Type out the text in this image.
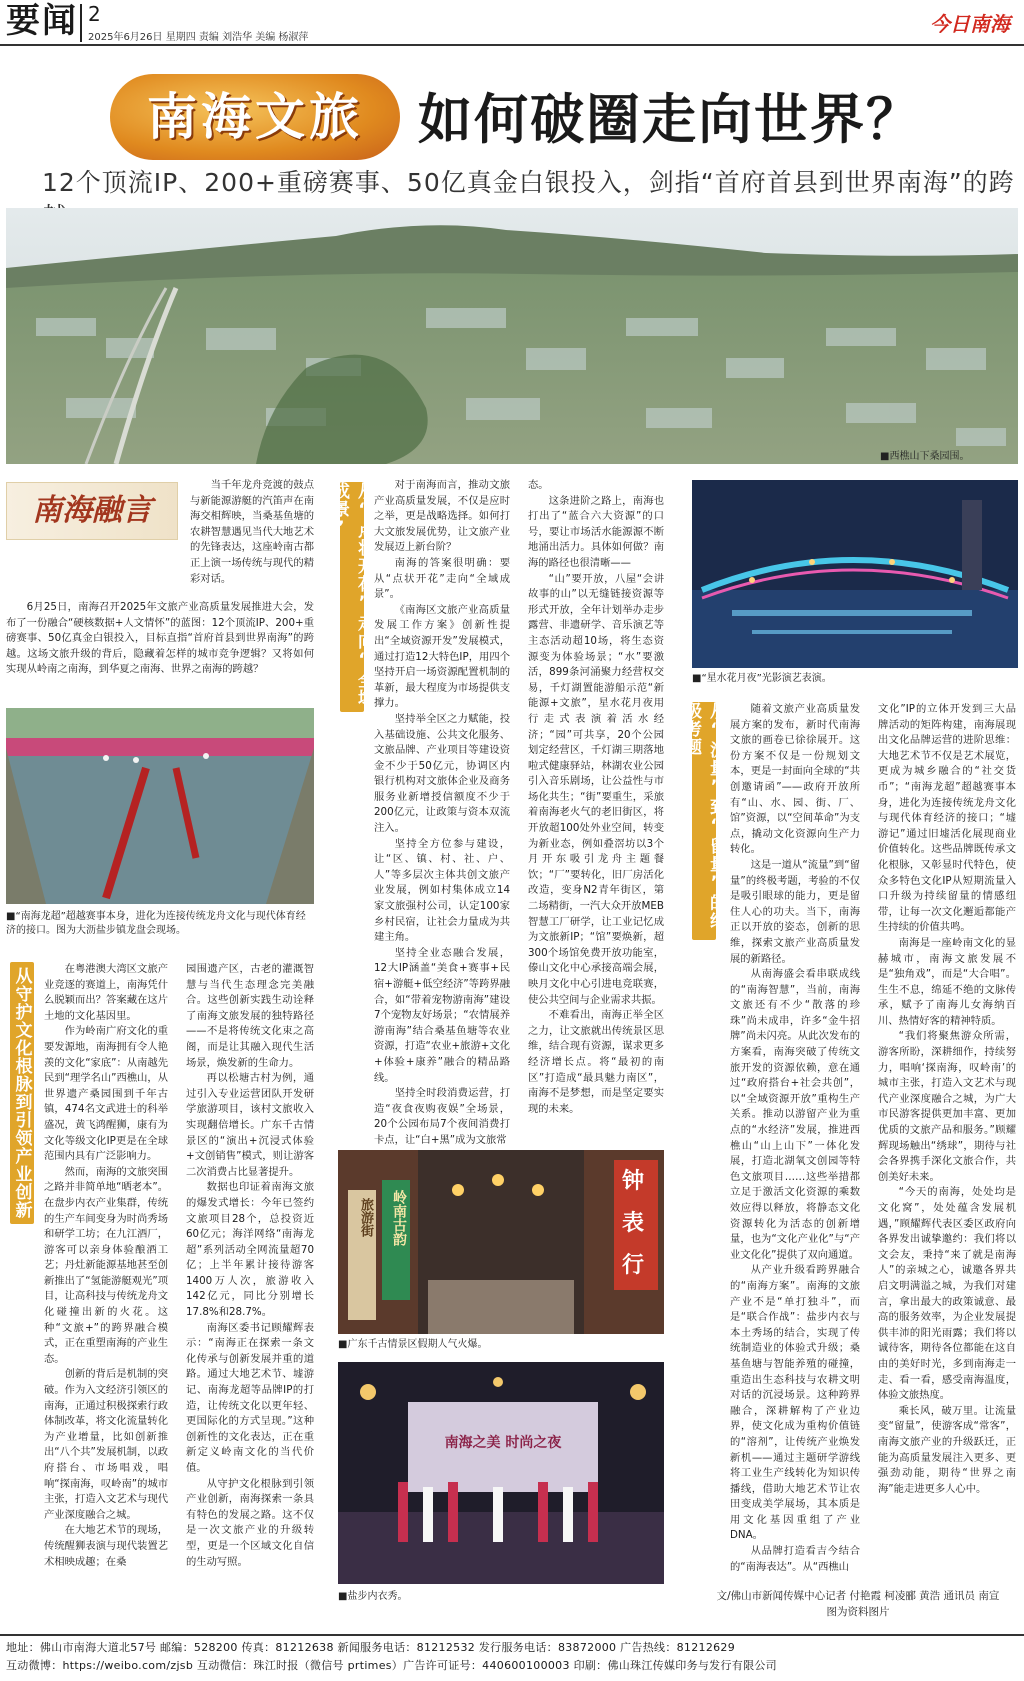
要闻 2
2025年6月26日 星期四 责编 刘浩华 美编 杨淑萍
今日南海
南海文旅	如何破圈走向世界？
12个顶流IP、200+重磅赛事、50亿真金白银投入，剑指“首府首县到世界南海”的跨
■西樵山下桑园围。
南海融言

当千年龙舟竞渡的鼓点与新能源游艇的汽笛声在南海交相辉映，当桑基鱼塘的农耕智慧遇见当代大地艺术的先锋表达，这座岭南古都正上演一场传统与现代的精彩对话。

6月25日，南海召开2025年文旅产业高质量发展推进大会，发布了一份融合“硬核数据+人文情怀”的蓝图：12个顶流IP、200+重磅赛事、50亿真金白银投入，目标直指“首府首县到世界南海”的跨越。这场文旅升级的背后，隐藏着怎样的城市竞争逻辑？又将如何实现从岭南之南海，到华夏之南海、世界之南海的跨越？

■“南海龙超”超越赛事本身，进化为连接传统龙舟文化与现代体育经济的接口。图为大沥盐步镇龙盘会现场。
从守护文化根脉到引领产业创新	在粤港澳大湾区文旅产业竞逐的赛道上，南海凭什么脱颖而出？答案藏在这片土地的文化基因里。

作为岭南广府文化的重要发源地，南海拥有令人艳羡的文化“家底”：从南越先民到“理学名山”西樵山，从世界遗产桑园围到千年古镇，474名文武进士的科举盛况，黄飞鸿醒狮，康有为文化等级文化IP更是在全球范围内具有广泛影响力。

然而，南海的文旅突围之路并非简单地“晒老本”。在盘步内衣产业集群，传统的生产车间变身为时尚秀场和研学工坊；在九江酒厂，游客可以亲身体验酿酒工艺；丹灶新能源基地甚至创新推出了“氢能游艇观光”项目，让高科技与传统龙舟文化碰撞出新的火花。这种“文旅+”的跨界融合模式，正在重塑南海的产业生态。

创新的背后是机制的突破。作为入文经济引领区的南海，正通过积极探索行政体制改革，将文化流量转化为产业增量，比如创新推出“八个共”发展机制，以政府搭台、市场唱戏，唱响“探南海，叹岭南”的城市主张，打造入文艺术与现代产业深度融合之城。

在大地艺术节的现场，传统醒狮表演与现代装置艺术相映成趣；在桑

园围遗产区，古老的灌溉智慧与当代生态理念完美融合。这些创新实践生动诠释了南海文旅发展的独特路径——不是将传统文化束之高阁，而是让其融入现代生活场景，焕发新的生命力。

再以松塘古村为例，通过引入专业运营团队开发研学旅游项目，该村文旅收入实现翻倍增长。广东千古情景区的“演出+沉浸式体验+文创销售”模式，则让游客二次消费占比显著提升。

数据也印证着南海文旅的爆发式增长：今年已签约文旅项目28个，总投资近60亿元；海洋网络“南海龙超”系列活动全网流量超70亿；上半年累计接待游客1400万人次，旅游收入142亿元，同比分别增长17.8%和28.7%。

南海区委书记顾耀辉表示：“南海正在探索一条文化传承与创新发展并重的道路。通过大地艺术节、墟游记、南海龙超等品牌IP的打造，让传统文化以更年轻、更国际化的方式呈现。”这种创新性的文化表达，正在重新定义岭南文化的当代价值。

从守护文化根脉到引领产业创新，南海探索一条具有特色的发展之路。这不仅是一次文旅产业的升级转型，更是一个区域文化自信的生动写照。

从“点状开花”走向“全域成景”	对于南海而言，推动文旅产业高质量发展，不仅是应时之举，更是战略选择。如何打大文旅发展优势，让文旅产业发展迈上新台阶？

南海的答案很明确：要从“点状开花”走向“全域成景”。

《南海区文旅产业高质量发展工作方案》创新性提出“全域资源开发”发展模式，通过打造12大特色IP，用四个坚持开启一场资源配置机制的革新，最大程度为市场提供支撑力。

坚持举全区之力赋能，投入基础设施、公共文化服务、文旅品牌、产业项目等建设资金不少于50亿元，协调区内银行机构对文旅体企业及商务服务业新增授信额度不少于200亿元，让政策与资本双流注入。

坚持全方位参与建设，让“区、镇、村、社、户、人”等多层次主体共创文旅产业发展，例如村集体成立14家文旅强村公司，认定100家乡村民宿，让社会力量成为共建主角。

坚持全业态融合发展，12大IP涵盖“美食+赛事+民宿+游艇+低空经济”等跨界融合，如“带着宠物游南海”建设7个宠物友好场景；“农情展养游南海”结合桑基鱼塘等农业资源，打造“农业+旅游+文化+体验+康养”融合的精品路线。

坚持全时段消费运营，打造“夜食夜购夜娱”全场景，20个公园布局7个夜间消费打卡点，让“白+黑”成为文旅常

态。

这条进阶之路上，南海也打出了“蓝合六大资源”的口号，要让市场活水能源源不断地涌出活力。具体如何做？南海的路径也很清晰——

“山”要开放，八屋“会讲故事的山”以无缝链接资源等形式开放，全年计划举办走步露营、非遗研学、音乐演艺等主态活动超10场，将生态资源变为体验场景；“水”要激活，899条河涌聚力经营权交易，千灯湖置能游船示范“新能源+文旅”，星水花月夜用行走式表演着活水经济；“园”可共享，20个公园划定经营区，千灯湖三期落地啦式健康驿站，林湖农业公园引入音乐剧场，让公益性与市场化共生；“街”要重生，采旅着南海老火气的老旧街区，将开放超100处外业空间，转变为新业态，例如叠滘坊以3个月开东吸引龙舟主题餐饮；“厂”要转化，旧厂房活化改造，变身N2青年街区，第二场精街，一汽大众开放MEB智慧工厂研学，让工业记忆成为文旅新IP；“馆”要焕新，超300个场馆免费开放功能室，傣山文化中心承接高端会展，映月文化中心引进电竞联赛，使公共空间与企业需求共振。

不难看出，南海正举全区之力，让文旅就出传统景区思维，结合现有资源，谋求更多经济增长点。将“最初的南区”打造成“最具魅力南区”，南海不是梦想，而是坚定要实现的未来。

■“星水花月夜”光影演艺表演。
从“流量”到“留量”的终极考题	随着文旅产业高质量发展方案的发布，新时代南海文旅的画卷已徐徐展开。这份方案不仅是一份规划文本，更是一封面向全球的“共创邀请函”——政府开放所有“山、水、园、街、厂、馆”资源，以“空间革命”为支点，撬动文化资源向生产力转化。

这是一道从“流量”到“留量”的终极考题，考验的不仅是吸引眼球的能力，更是留住人心的功夫。当下，南海正以开放的姿态，创新的思维，探索文旅产业高质量发展的新路径。

从南海盛会看串联成线的“南海智慧”，当前，南海文旅还有不少“散落的珍珠”尚未成串，许多“金牛招牌”尚未闪亮。从此次发布的方案看，南海突破了传统文旅开发的资源依赖，意在通过“政府搭台+社会共创”，以“全域资源开放”重构生产关系。推动以游留产业为重点的“水经济”发展，推进西樵山“山上山下”一体化发展，打造北湖氧文创园等特色文旅项目……这些举措都立足于激活文化资源的乘数效应得以释放，将静态文化资源转化为活态的创新增量，也为“文化产业化”与“产业文化化”提供了双向通道。

从产业升级看跨界融合的“南海方案”。南海的文旅产业不是“单打独斗”，而是“联合作战”：盐步内衣与本土秀场的结合，实现了传统制造业的体验式升级；桑基鱼塘与智能养殖的碰撞，重造出生态科技与农耕文明对话的沉浸场景。这种跨界融合，深耕解构了产业边界，使文化成为重构价值链的“溶剂”，让传统产业焕发新机——通过主题研学游线将工业生产线转化为知识传播线，借助大地艺术节让农田变成美学展场，其本质是用文化基因重组了产业DNA。

从品牌打造看吉今结合的“南海表达”。从“西樵山

文化”IP的立体开发到三大品牌活动的矩阵构建，南海展现出文化品牌运营的进阶思维：大地艺术节不仅是艺术展览，更成为城乡融合的“社交货币”；“南海龙超”超越赛事本身，进化为连接传统龙舟文化与现代体育经济的接口；“墟游记”通过旧墟活化展现商业价值转化。这些品牌既传承文化根脉，又彰显时代特色，使众多特色文化IP从短期流量入口升级为持续留量的情感纽带，让每一次文化邂逅都能产生持续的价值共鸣。

南海是一座岭南文化的显赫城市，南海文旅发展不是“独角戏”，而是“大合唱”。生生不息，绵延不绝的文脉传承，赋予了南海儿女海纳百川、热情好客的精神特质。

“我们将聚焦游众所需，游客所盼，深耕细作，持续努力，唱响‘探南海，叹岭南’的城市主张，打造入文艺术与现代产业深度融合之城，为广大市民游客提供更加丰富、更加优质的文旅产品和服务。”顾耀辉现场触出“绣球”，期待与社会各界携手深化文旅合作，共创美好未来。

“今天的南海，处处均是文化窝”，处处蕴含发展机遇，”顾耀辉代表区委区政府向各界发出诚挚邀约：我们将以文会友，秉持“来了就是南海人”的亲城之心，诚邀各界共启文明满溢之城，为我们对建言，拿出最大的政策诚意、最高的服务效率，为企业发展提供丰沛的阳光雨露；我们将以诚待客，期待各位都能在这自由的美好时光，多到南海走一走、看一看，感受南海温度，体验文旅热度。

乘长风，破万里。让流量变“留量”，使游客成“常客”，南海文旅产业的升级跃迁，正能为高质量发展注入更多、更强劲动能，期待“世界之南海”能走进更多人心中。

旅游街	岭南古韵
钟
表
行
■广东千古情景区假期人气火爆。
南海之美 时尚之夜
■盐步内衣秀。	文/佛山市新闻传媒中心记者 付艳霞 柯凌郦 黄浩 通讯员 南宣
图为资料图片
地址：佛山市南海大道北57号 邮编：528200 传真：81212638 新闻服务电话：81212532 发行服务电话：83872000 广告热线：81212629
互动微博：https://weibo.com/zjsb 互动微信：珠江时报（微信号 prtimes）广告许可证号：440600100003 印刷：佛山珠江传媒印务与发行有限公司
